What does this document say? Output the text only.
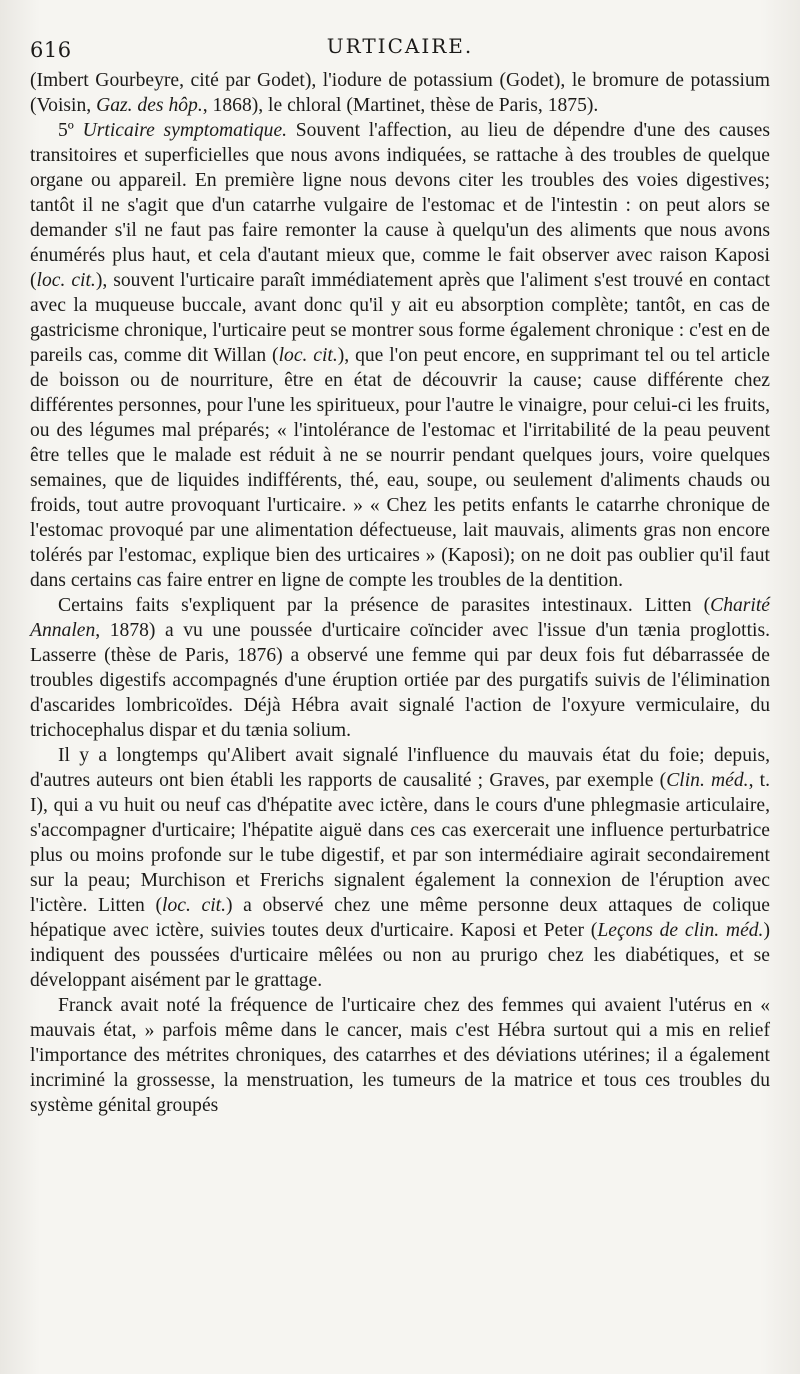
616	URTICAIRE.

(Imbert Gourbeyre, cité par Godet), l'iodure de potassium (Godet), le bromure de potassium (Voisin, Gaz. des hôp., 1868), le chloral (Martinet, thèse de Paris, 1875).

5º Urticaire symptomatique. Souvent l'affection, au lieu de dépendre d'une des causes transitoires et superficielles que nous avons indiquées, se rattache à des troubles de quelque organe ou appareil. En première ligne nous devons citer les troubles des voies digestives; tantôt il ne s'agit que d'un catarrhe vulgaire de l'estomac et de l'intestin : on peut alors se demander s'il ne faut pas faire remonter la cause à quelqu'un des aliments que nous avons énumérés plus haut, et cela d'autant mieux que, comme le fait observer avec raison Kaposi (loc. cit.), souvent l'urticaire paraît immédiatement après que l'aliment s'est trouvé en contact avec la muqueuse buccale, avant donc qu'il y ait eu absorption complète; tantôt, en cas de gastricisme chronique, l'urticaire peut se montrer sous forme également chronique : c'est en de pareils cas, comme dit Willan (loc. cit.), que l'on peut encore, en supprimant tel ou tel article de boisson ou de nourriture, être en état de découvrir la cause; cause différente chez différentes personnes, pour l'une les spiritueux, pour l'autre le vinaigre, pour celui-ci les fruits, ou des légumes mal préparés; « l'intolérance de l'estomac et l'irritabilité de la peau peuvent être telles que le malade est réduit à ne se nourrir pendant quelques jours, voire quelques semaines, que de liquides indifférents, thé, eau, soupe, ou seulement d'aliments chauds ou froids, tout autre provoquant l'urticaire. » « Chez les petits enfants le catarrhe chronique de l'estomac provoqué par une alimentation défectueuse, lait mauvais, aliments gras non encore tolérés par l'estomac, explique bien des urticaires » (Kaposi); on ne doit pas oublier qu'il faut dans certains cas faire entrer en ligne de compte les troubles de la dentition.

Certains faits s'expliquent par la présence de parasites intestinaux. Litten (Charité Annalen, 1878) a vu une poussée d'urticaire coïncider avec l'issue d'un tænia proglottis. Lasserre (thèse de Paris, 1876) a observé une femme qui par deux fois fut débarrassée de troubles digestifs accompagnés d'une éruption ortiée par des purgatifs suivis de l'élimination d'ascarides lombricoïdes. Déjà Hébra avait signalé l'action de l'oxyure vermiculaire, du trichocephalus dispar et du tænia solium.

Il y a longtemps qu'Alibert avait signalé l'influence du mauvais état du foie; depuis, d'autres auteurs ont bien établi les rapports de causalité ; Graves, par exemple (Clin. méd., t. I), qui a vu huit ou neuf cas d'hépatite avec ictère, dans le cours d'une phlegmasie articulaire, s'accompagner d'urticaire; l'hépatite aiguë dans ces cas exercerait une influence perturbatrice plus ou moins profonde sur le tube digestif, et par son intermédiaire agirait secondairement sur la peau; Murchison et Frerichs signalent également la connexion de l'éruption avec l'ictère. Litten (loc. cit.) a observé chez une même personne deux attaques de colique hépatique avec ictère, suivies toutes deux d'urticaire. Kaposi et Peter (Leçons de clin. méd.) indiquent des poussées d'urticaire mêlées ou non au prurigo chez les diabétiques, et se développant aisément par le grattage.

Franck avait noté la fréquence de l'urticaire chez des femmes qui avaient l'utérus en « mauvais état, » parfois même dans le cancer, mais c'est Hébra surtout qui a mis en relief l'importance des métrites chroniques, des catarrhes et des déviations utérines; il a également incriminé la grossesse, la menstruation, les tumeurs de la matrice et tous ces troubles du système génital groupés
